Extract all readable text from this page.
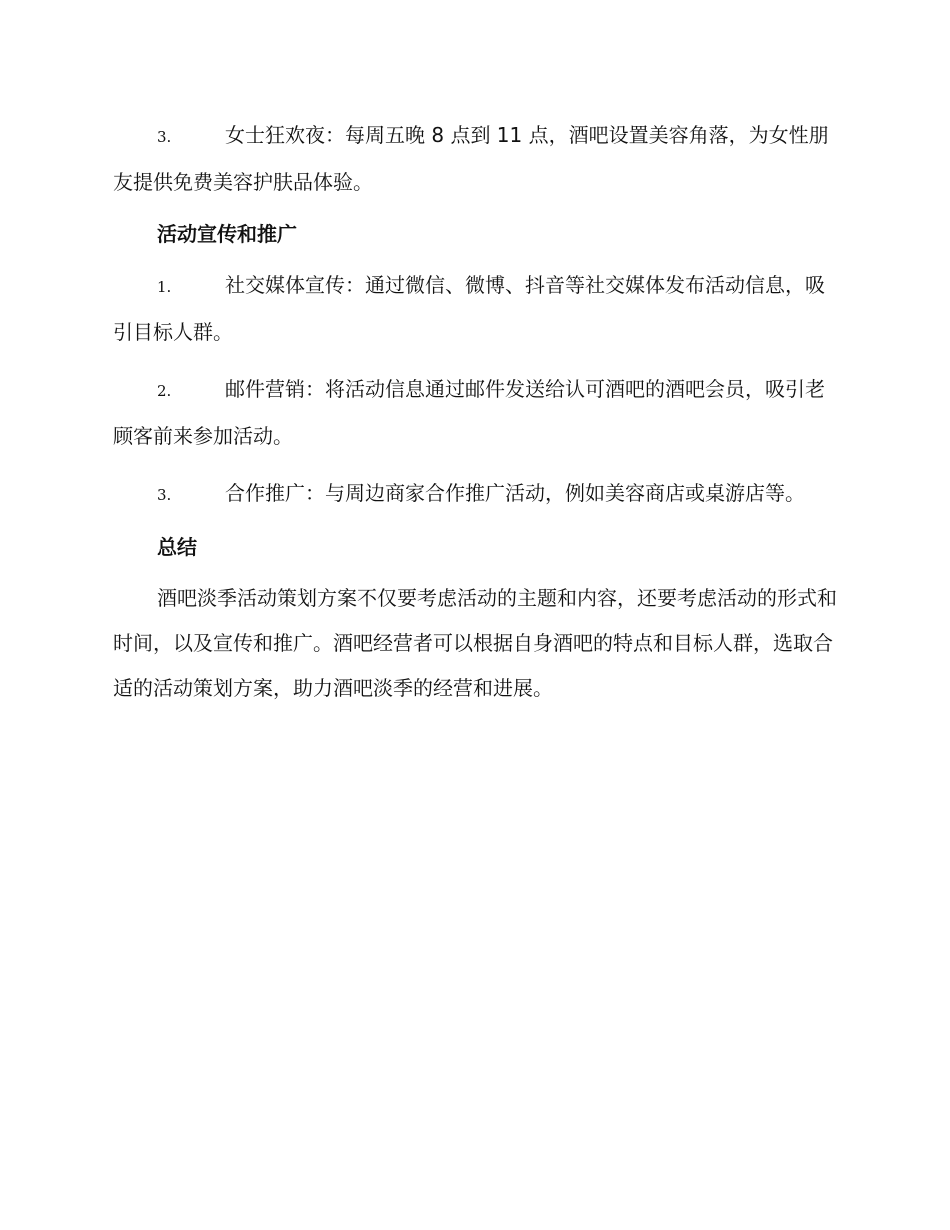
3.	女士狂欢夜：每周五晚 8 点到 11 点，酒吧设置美容角落，为女性朋友提供免费美容护肤品体验。
活动宣传和推广
1.	社交媒体宣传：通过微信、微博、抖音等社交媒体发布活动信息，吸引目标人群。
2.	邮件营销：将活动信息通过邮件发送给认可酒吧的酒吧会员，吸引老顾客前来参加活动。
3.	合作推广：与周边商家合作推广活动，例如美容商店或桌游店等。
总结

酒吧淡季活动策划方案不仅要考虑活动的主题和内容，还要考虑活动的形式和时间，以及宣传和推广。酒吧经营者可以根据自身酒吧的特点和目标人群，选取合适的活动策划方案，助力酒吧淡季的经营和进展。
